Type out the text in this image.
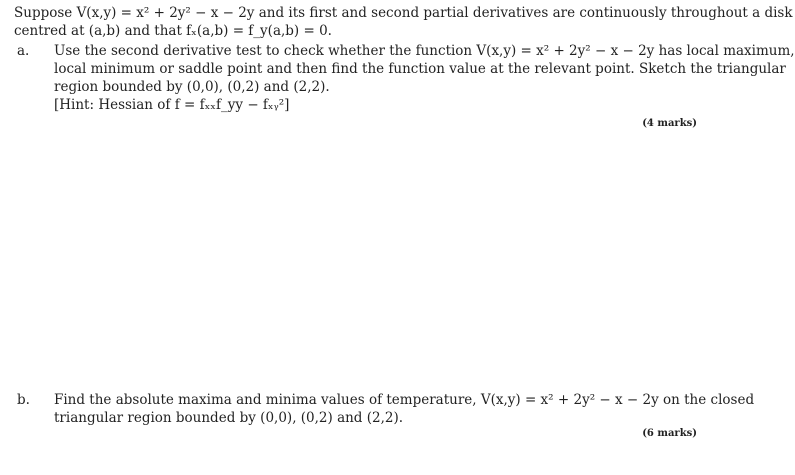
Suppose V(x,y) = x² + 2y² − x − 2y and its first and second partial derivatives are continuously throughout a disk
centred at (a,b) and that fₓ(a,b) = f_y(a,b) = 0.
a. Use the second derivative test to check whether the function V(x,y) = x² + 2y² − x − 2y has local maximum,
local minimum or saddle point and then find the function value at the relevant point. Sketch the triangular
region bounded by (0,0), (0,2) and (2,2).
[Hint: Hessian of f = fₓₓf_yy − fₓᵧ²]
(4 marks)
b. Find the absolute maxima and minima values of temperature, V(x,y) = x² + 2y² − x − 2y on the closed
triangular region bounded by (0,0), (0,2) and (2,2).
(6 marks)
